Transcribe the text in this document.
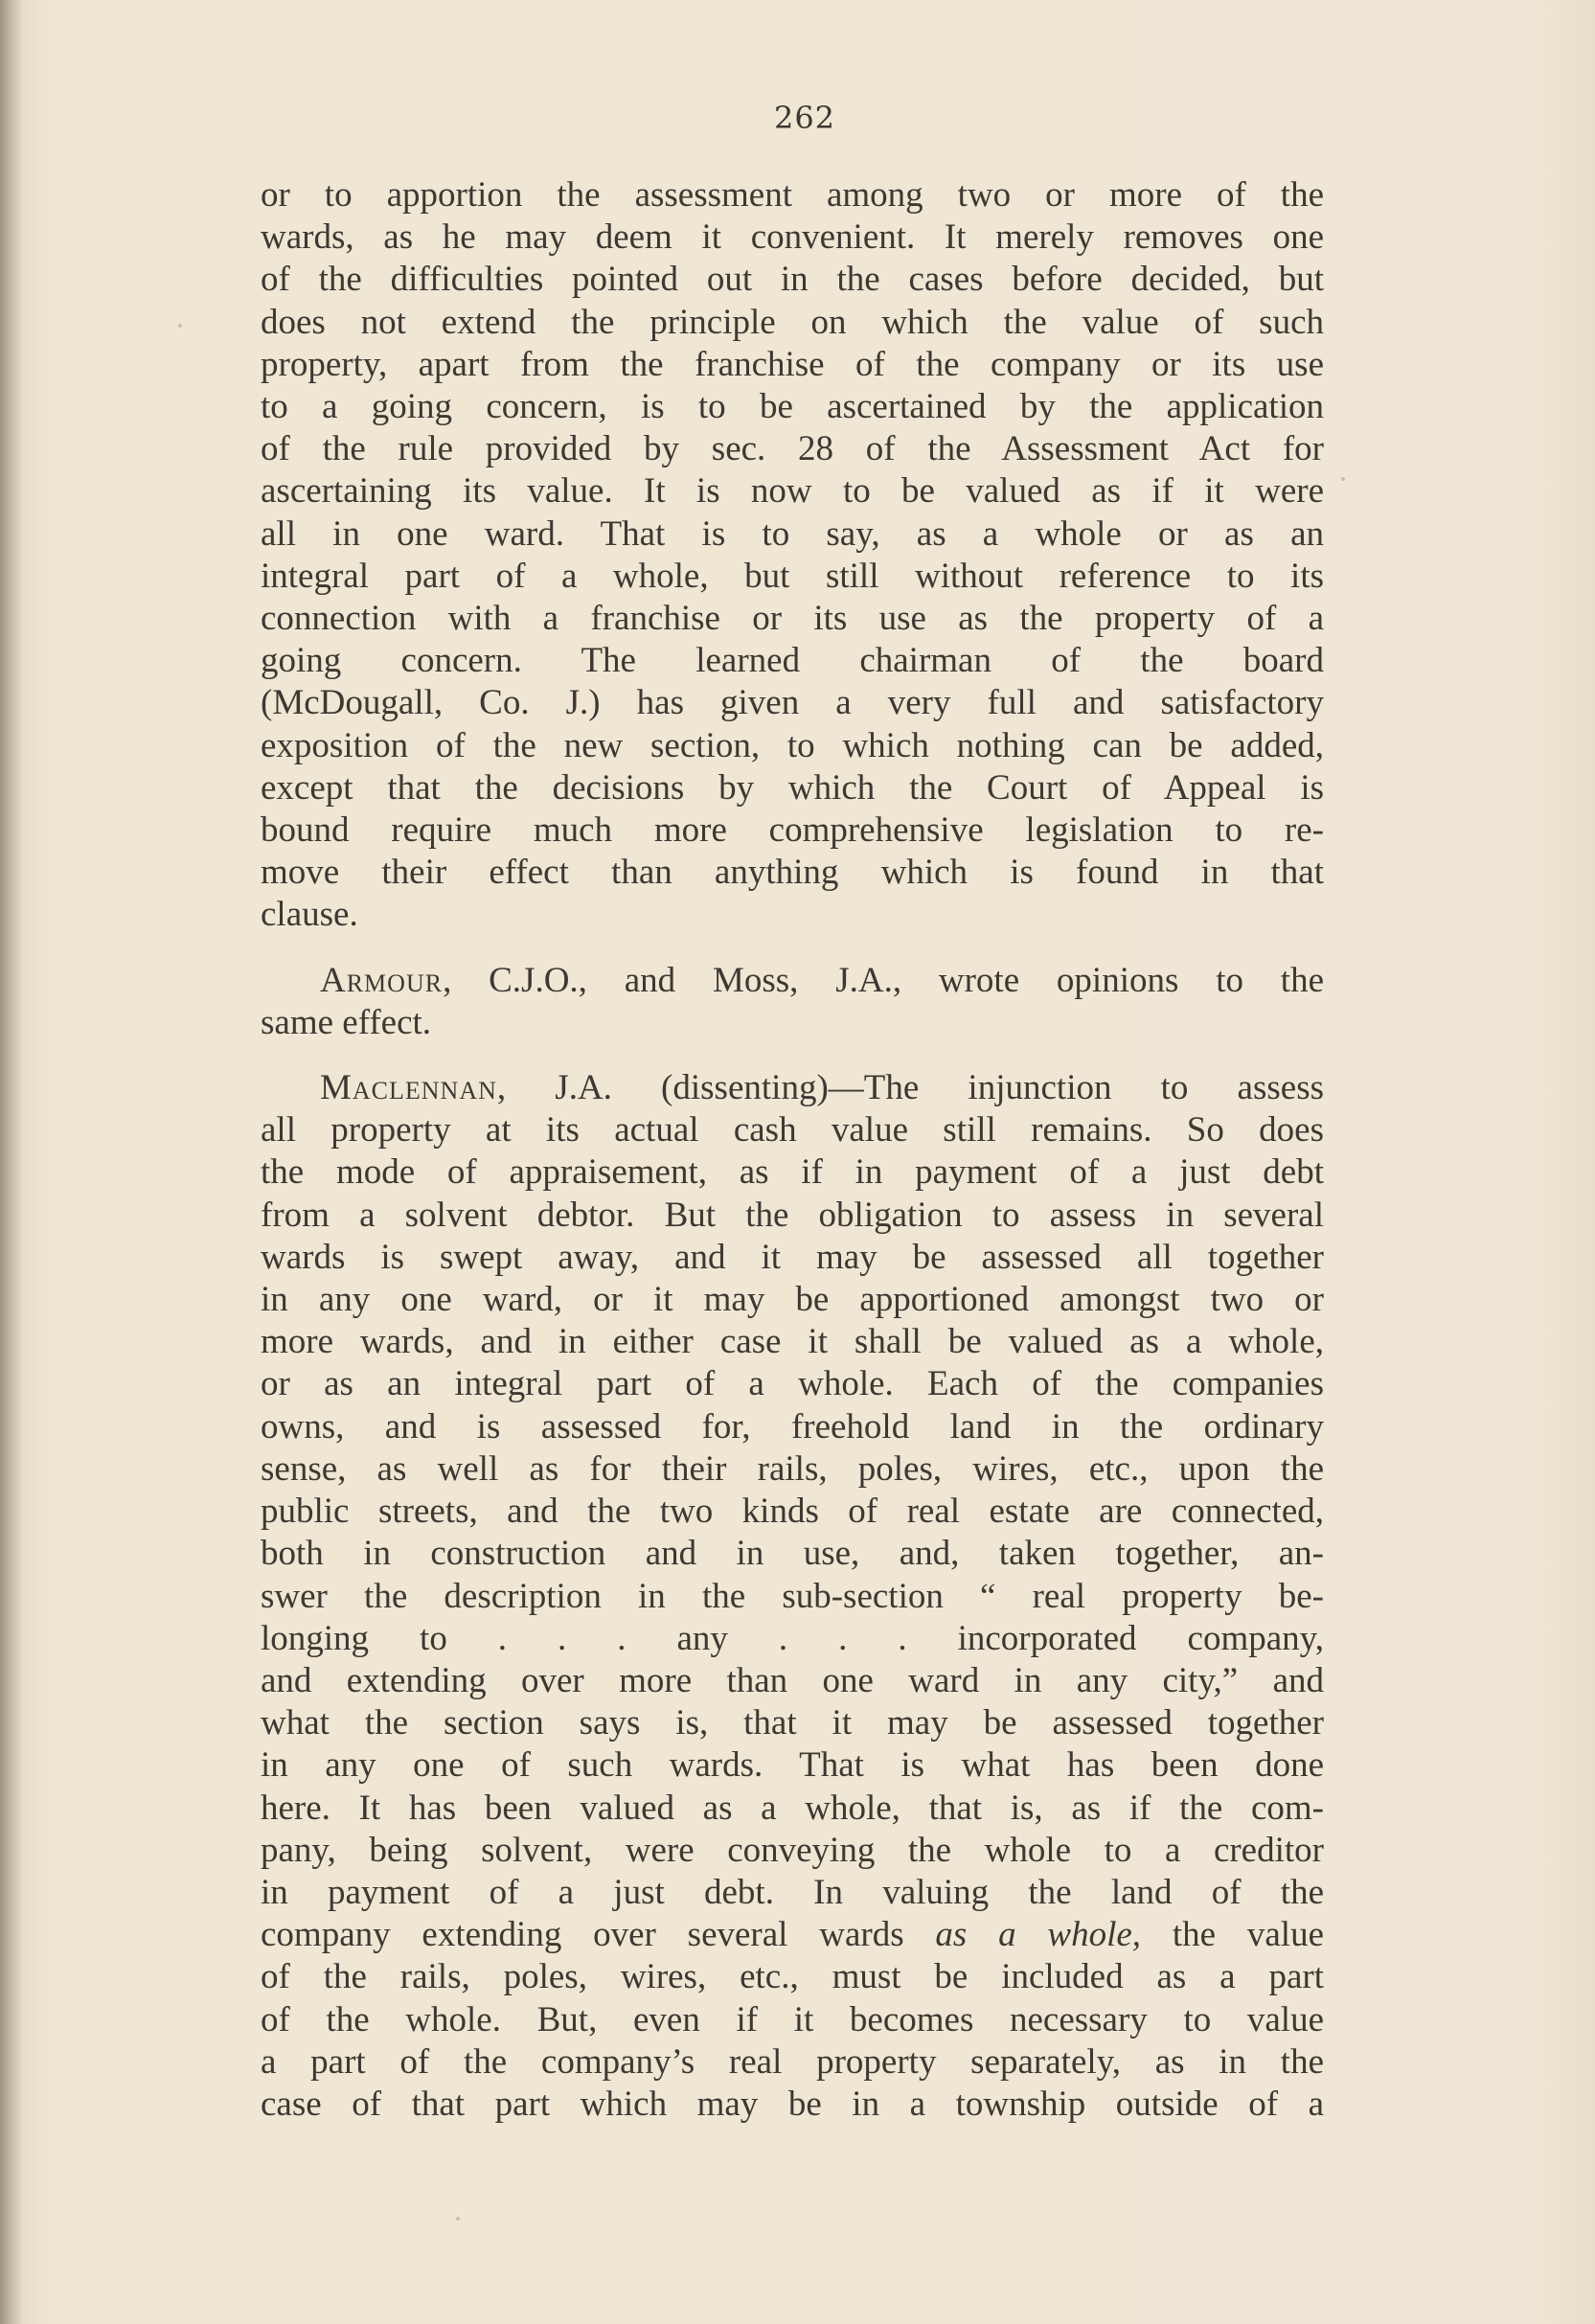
262
or to apportion the assessment among two or more of the
wards, as he may deem it convenient. It merely removes one
of the difficulties pointed out in the cases before decided, but
does not extend the principle on which the value of such
property, apart from the franchise of the company or its use
to a going concern, is to be ascertained by the application
of the rule provided by sec. 28 of the Assessment Act for
ascertaining its value. It is now to be valued as if it were
all in one ward. That is to say, as a whole or as an
integral part of a whole, but still without reference to its
connection with a franchise or its use as the property of a
going concern. The learned chairman of the board
(McDougall, Co. J.) has given a very full and satisfactory
exposition of the new section, to which nothing can be added,
except that the decisions by which the Court of Appeal is
bound require much more comprehensive legislation to re-
move their effect than anything which is found in that
clause.
Armour, C.J.O., and Moss, J.A., wrote opinions to the
same effect.
Maclennan, J.A. (dissenting)—The injunction to assess
all property at its actual cash value still remains. So does
the mode of appraisement, as if in payment of a just debt
from a solvent debtor. But the obligation to assess in several
wards is swept away, and it may be assessed all together
in any one ward, or it may be apportioned amongst two or
more wards, and in either case it shall be valued as a whole,
or as an integral part of a whole. Each of the companies
owns, and is assessed for, freehold land in the ordinary
sense, as well as for their rails, poles, wires, etc., upon the
public streets, and the two kinds of real estate are connected,
both in construction and in use, and, taken together, an-
swer the description in the sub-section “ real property be-
longing to . . . any . . . incorporated company,
and extending over more than one ward in any city,” and
what the section says is, that it may be assessed together
in any one of such wards. That is what has been done
here. It has been valued as a whole, that is, as if the com-
pany, being solvent, were conveying the whole to a creditor
in payment of a just debt. In valuing the land of the
company extending over several wards as a whole, the value
of the rails, poles, wires, etc., must be included as a part
of the whole. But, even if it becomes necessary to value
a part of the company’s real property separately, as in the
case of that part which may be in a township outside of a
